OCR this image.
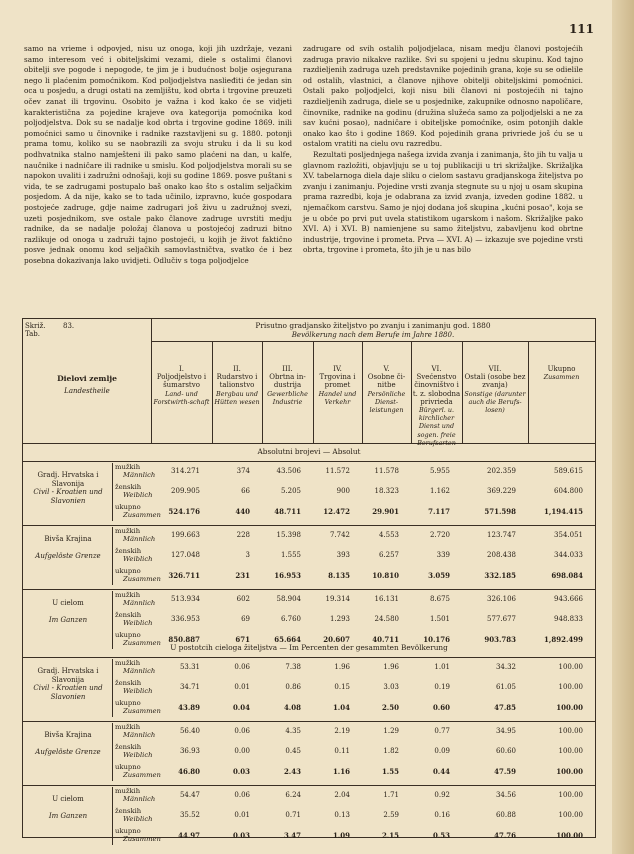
111

samo na vrieme i odpovjed, nisu uz onoga, koji jih uzdržaje, vezani samo interesom već i obiteljskimi vezami, diele s ostalimi članovi obitelji sve pogode i nepogode, te jim je i budućnost bolje osjegurana nego li plaćenim pomoćnikom. Kod poljodjelstva naslieđiti će jedan sin oca u posjedu, a drugi ostati na zemljištu, kod obrta i trgovine preuzeti očev zanat ili trgovinu. Osobito je važna i kod kako će se vidjeti karakteristična za pojedine krajeve ova kategorija pomoćnika kod poljodjelstva. Dok su se nadalje kod obrta i trgovine godine 1869. inili pomoćnici samo u činovnike i radnike razstavljeni su g. 1880. potonji prama tomu, koliko su se naobrazili za svoju struku i da li su kod podhvatnika stalno namješteni ili pako samo plaćeni na dan, u kalfe, naučnike i nadničare ili radnike u smislu. Kod poljodjelstva morali su se napokon uvaliti i zadružni odnošaji, koji su godine 1869. posve puštani s vida, te se zadrugami postupalo baš onako kao što s ostalim seljačkim posjedom. A da nije, kako se to tada učinilo, izpravno, kuće gospodara postojeće zadruge, gdje naime zadrugari još živu u zadružnoj svezi, uzeti posjednikom, sve ostale pako članove zadruge uvrstiti medju radnike, da se nadalje položaj članova u postojećoj zadruzi bitno razlikuje od onoga u zadruži tajno postojeći, u kojih je život faktično posve jednak onomu kod seljačkih samovlastničtva, svatko će i bez posebna dokazivanja lako uvidjeti. Odlučiv s toga poljodjelce

zadrugare od svih ostalih poljodjelaca, nisam medju članovi postojećih zadruga pravio nikakve razlike. Svi su spojeni u jednu skupinu. Kod tajno razdieljenih zadruga uzeh predstavnike pojedinih grana, koje su se odielile od ostalih, vlastnici, a članove njihove obitelji obiteljskimi pomoćnici. Ostali pako poljodjelci, koji nisu bili članovi ni postojećih ni tajno razdieljenih zadruga, diele se u posjednike, zakupnike odnosno napoličare, činovnike, radnike na godinu (družina služeća samo za poljodjelski a ne za sav kućni posao), nadničare i obiteljske pomoćnike, osim potonjih dakle onako kao što i godine 1869. Kod pojedinih grana privriede još ću se u ostalom vratiti na cielu ovu razredbu.

Rezultati posljednjega našega izvida zvanja i zanimanja, što jih tu valja u glavnom razložiti, objavljuju se u toj publikaciji u tri skrižaljke. Skrižaljka XV. tabelarnoga diela daje sliku o cielom sastavu gradjanskoga žiteljstva po zvanju i zanimanju. Pojedine vrsti zvanja stegnute su u njoj u osam skupina prama razredbi, koja je odabrana za izvid zvanja, izveden godine 1882. u njemačkom carstvu. Samo je njoj dodana još skupina „kućni posao", koja se je u obće po prvi put uvela statistikom ugarskom i našom. Skrižaljke pako XVI. A) i XVI. B) namienjene su samo žiteljstvu, zabavljenu kod obrtne industrije, trgovine i prometa. Prva — XVI. A) — izkazuje sve pojedine vrsti obrta, trgovine i prometa, što jih je u nas bilo

Skriž. Tab.
83.
Dielovi zemlje
Landestheile
Prisutno gradjansko žiteljstvo po zvanju i zanimanju god. 1880
Bevölkerung nach dem Berufe im Jahre 1880.
I.
Poljodjelstvo i šumarstvo
Land- und Forstwirth-schaft
II.
Rudarstvo i talionstvo
Bergbau und Hütten wesen
III.
Obrtna in-dustrija
Gewerbliche Industrie
IV.
Trgovina i promet
Handel und Verkehr
V.
Osobne či-nitbe
Persönliche Dienst-leistungen
VI.
Svećenstvo činovništvo i t. z. slobodna privrieda
Bürgerl. u. kirchlicher Dienst und sogen. freie Berufsarten
VII.
Ostali (osobe bez zvanja)
Sonstige (darunter auch die Berufs-losen)
Ukupno
Zusammen
Absolutni brojevi — Absolut
Gradj. Hrvatska i Slavonija
Civil - Kroatien und Slavonien
mužkih
Männlich 314.271	374	43.506	11.572	11.578	5.955	202.359	589.615
ženskih
Weiblich	209.905	66	5.205	900	18.323	1.162	369.229	604.800
ukupno
Zusammen 524.176	440	48.711	12.472	29.901	7.117	571.598	1,194.415
Bivša Krajina
Aufgelöste Grenze
mužkih
Männlich 199.663	228	15.398	7.742	4.553	2.720	123.747	354.051
ženskih
Weiblich	127.048	3	1.555	393	6.257	339	208.438	344.033
ukupno
Zusammen 326.711	231	16.953	8.135	10.810	3.059	332.185	698.084
U cielom
Im Ganzen
mužkih
Männlich 513.934	602	58.904	19.314	16.131	8.675	326.106	943.666
ženskih
Weiblich	336.953	69	6.760	1.293	24.580	1.501	577.677	948.833
ukupno
Zusammen 850.887	671	65.664	20.607	40.711	10.176	903.783	1,892.499
U postotcih cieloga žiteljstva — Im Percenten der gesammten Bevölkerung
Gradj. Hrvatska i Slavonija
Civil - Kroatien und Slavonien
mužkih
Männlich	53.31	0.06	7.38	1.96	1.96	1.01	34.32	100.00
ženskih
Weiblich	34.71	0.01	0.86	0.15	3.03	0.19	61.05	100.00
ukupno
Zusammen 43.89	0.04	4.08	1.04	2.50	0.60	47.85	100.00
Bivša Krajina
Aufgelöste Grenze
mužkih
Männlich	56.40	0.06	4.35	2.19	1.29	0.77	34.95	100.00
ženskih
Weiblich	36.93	0.00	0.45	0.11	1.82	0.09	60.60	100.00
ukupno
Zusammen 46.80	0.03	2.43	1.16	1.55	0.44	47.59	100.00
U cielom
Im Ganzen
mužkih
Männlich	54.47	0.06	6.24	2.04	1.71	0.92	34.56	100.00
ženskih
Weiblich	35.52	0.01	0.71	0.13	2.59	0.16	60.88	100.00
ukupno
Zusammen 44.97	0.03	3.47	1.09	2.15	0.53	47.76	100.00
